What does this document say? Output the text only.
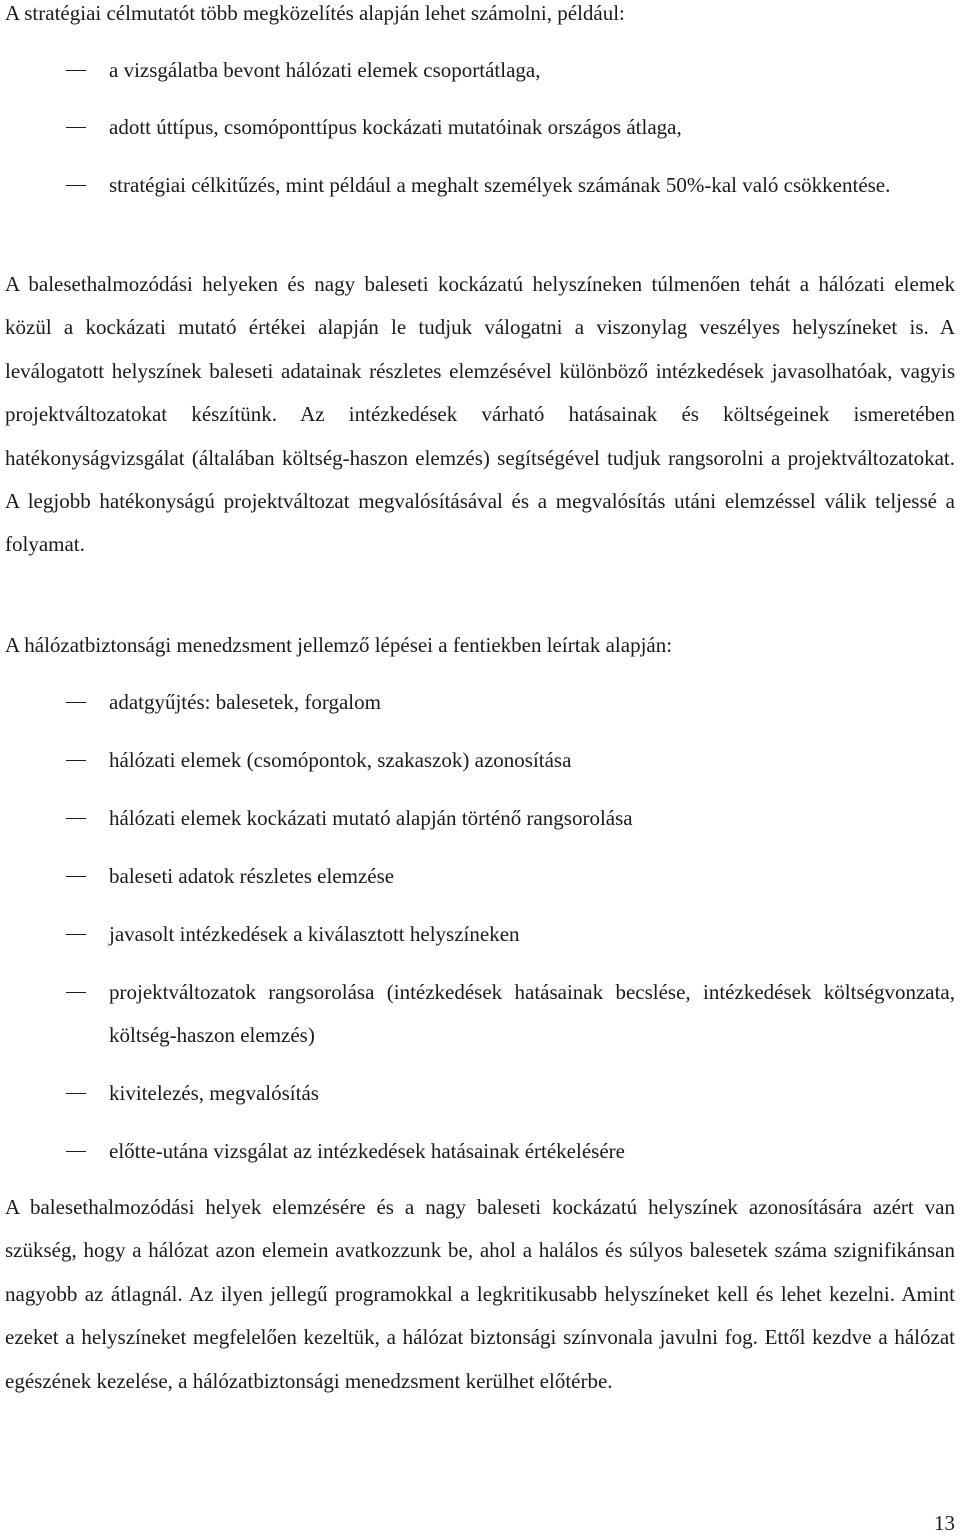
A stratégiai célmutatót több megközelítés alapján lehet számolni, például:

a vizsgálatba bevont hálózati elemek csoportátlaga,
adott úttípus, csomóponttípus kockázati mutatóinak országos átlaga,
stratégiai célkitűzés, mint például a meghalt személyek számának 50%-kal való csökkentése.

A balesethalmozódási helyeken és nagy baleseti kockázatú helyszíneken túlmenően tehát a hálózati elemek közül a kockázati mutató értékei alapján le tudjuk válogatni a viszonylag veszélyes helyszíneket is. A leválogatott helyszínek baleseti adatainak részletes elemzésével különböző intézkedések javasolhatóak, vagyis projektváltozatokat készítünk. Az intézkedések várható hatásainak és költségeinek ismeretében hatékonyságvizsgálat (általában költség-haszon elemzés) segítségével tudjuk rangsorolni a projektváltozatokat. A legjobb hatékonyságú projektváltozat megvalósításával és a megvalósítás utáni elemzéssel válik teljessé a folyamat.

A hálózatbiztonsági menedzsment jellemző lépései a fentiekben leírtak alapján:

adatgyűjtés: balesetek, forgalom
hálózati elemek (csomópontok, szakaszok) azonosítása
hálózati elemek kockázati mutató alapján történő rangsorolása
baleseti adatok részletes elemzése
javasolt intézkedések a kiválasztott helyszíneken
projektváltozatok rangsorolása (intézkedések hatásainak becslése, intézkedések költségvonzata, költség-haszon elemzés)
kivitelezés, megvalósítás
előtte-utána vizsgálat az intézkedések hatásainak értékelésére

A balesethalmozódási helyek elemzésére és a nagy baleseti kockázatú helyszínek azonosítására azért van szükség, hogy a hálózat azon elemein avatkozzunk be, ahol a halálos és súlyos balesetek száma szignifikánsan nagyobb az átlagnál. Az ilyen jellegű programokkal a legkritikusabb helyszíneket kell és lehet kezelni. Amint ezeket a helyszíneket megfelelően kezeltük, a hálózat biztonsági színvonala javulni fog. Ettől kezdve a hálózat egészének kezelése, a hálózatbiztonsági menedzsment kerülhet előtérbe.

13
